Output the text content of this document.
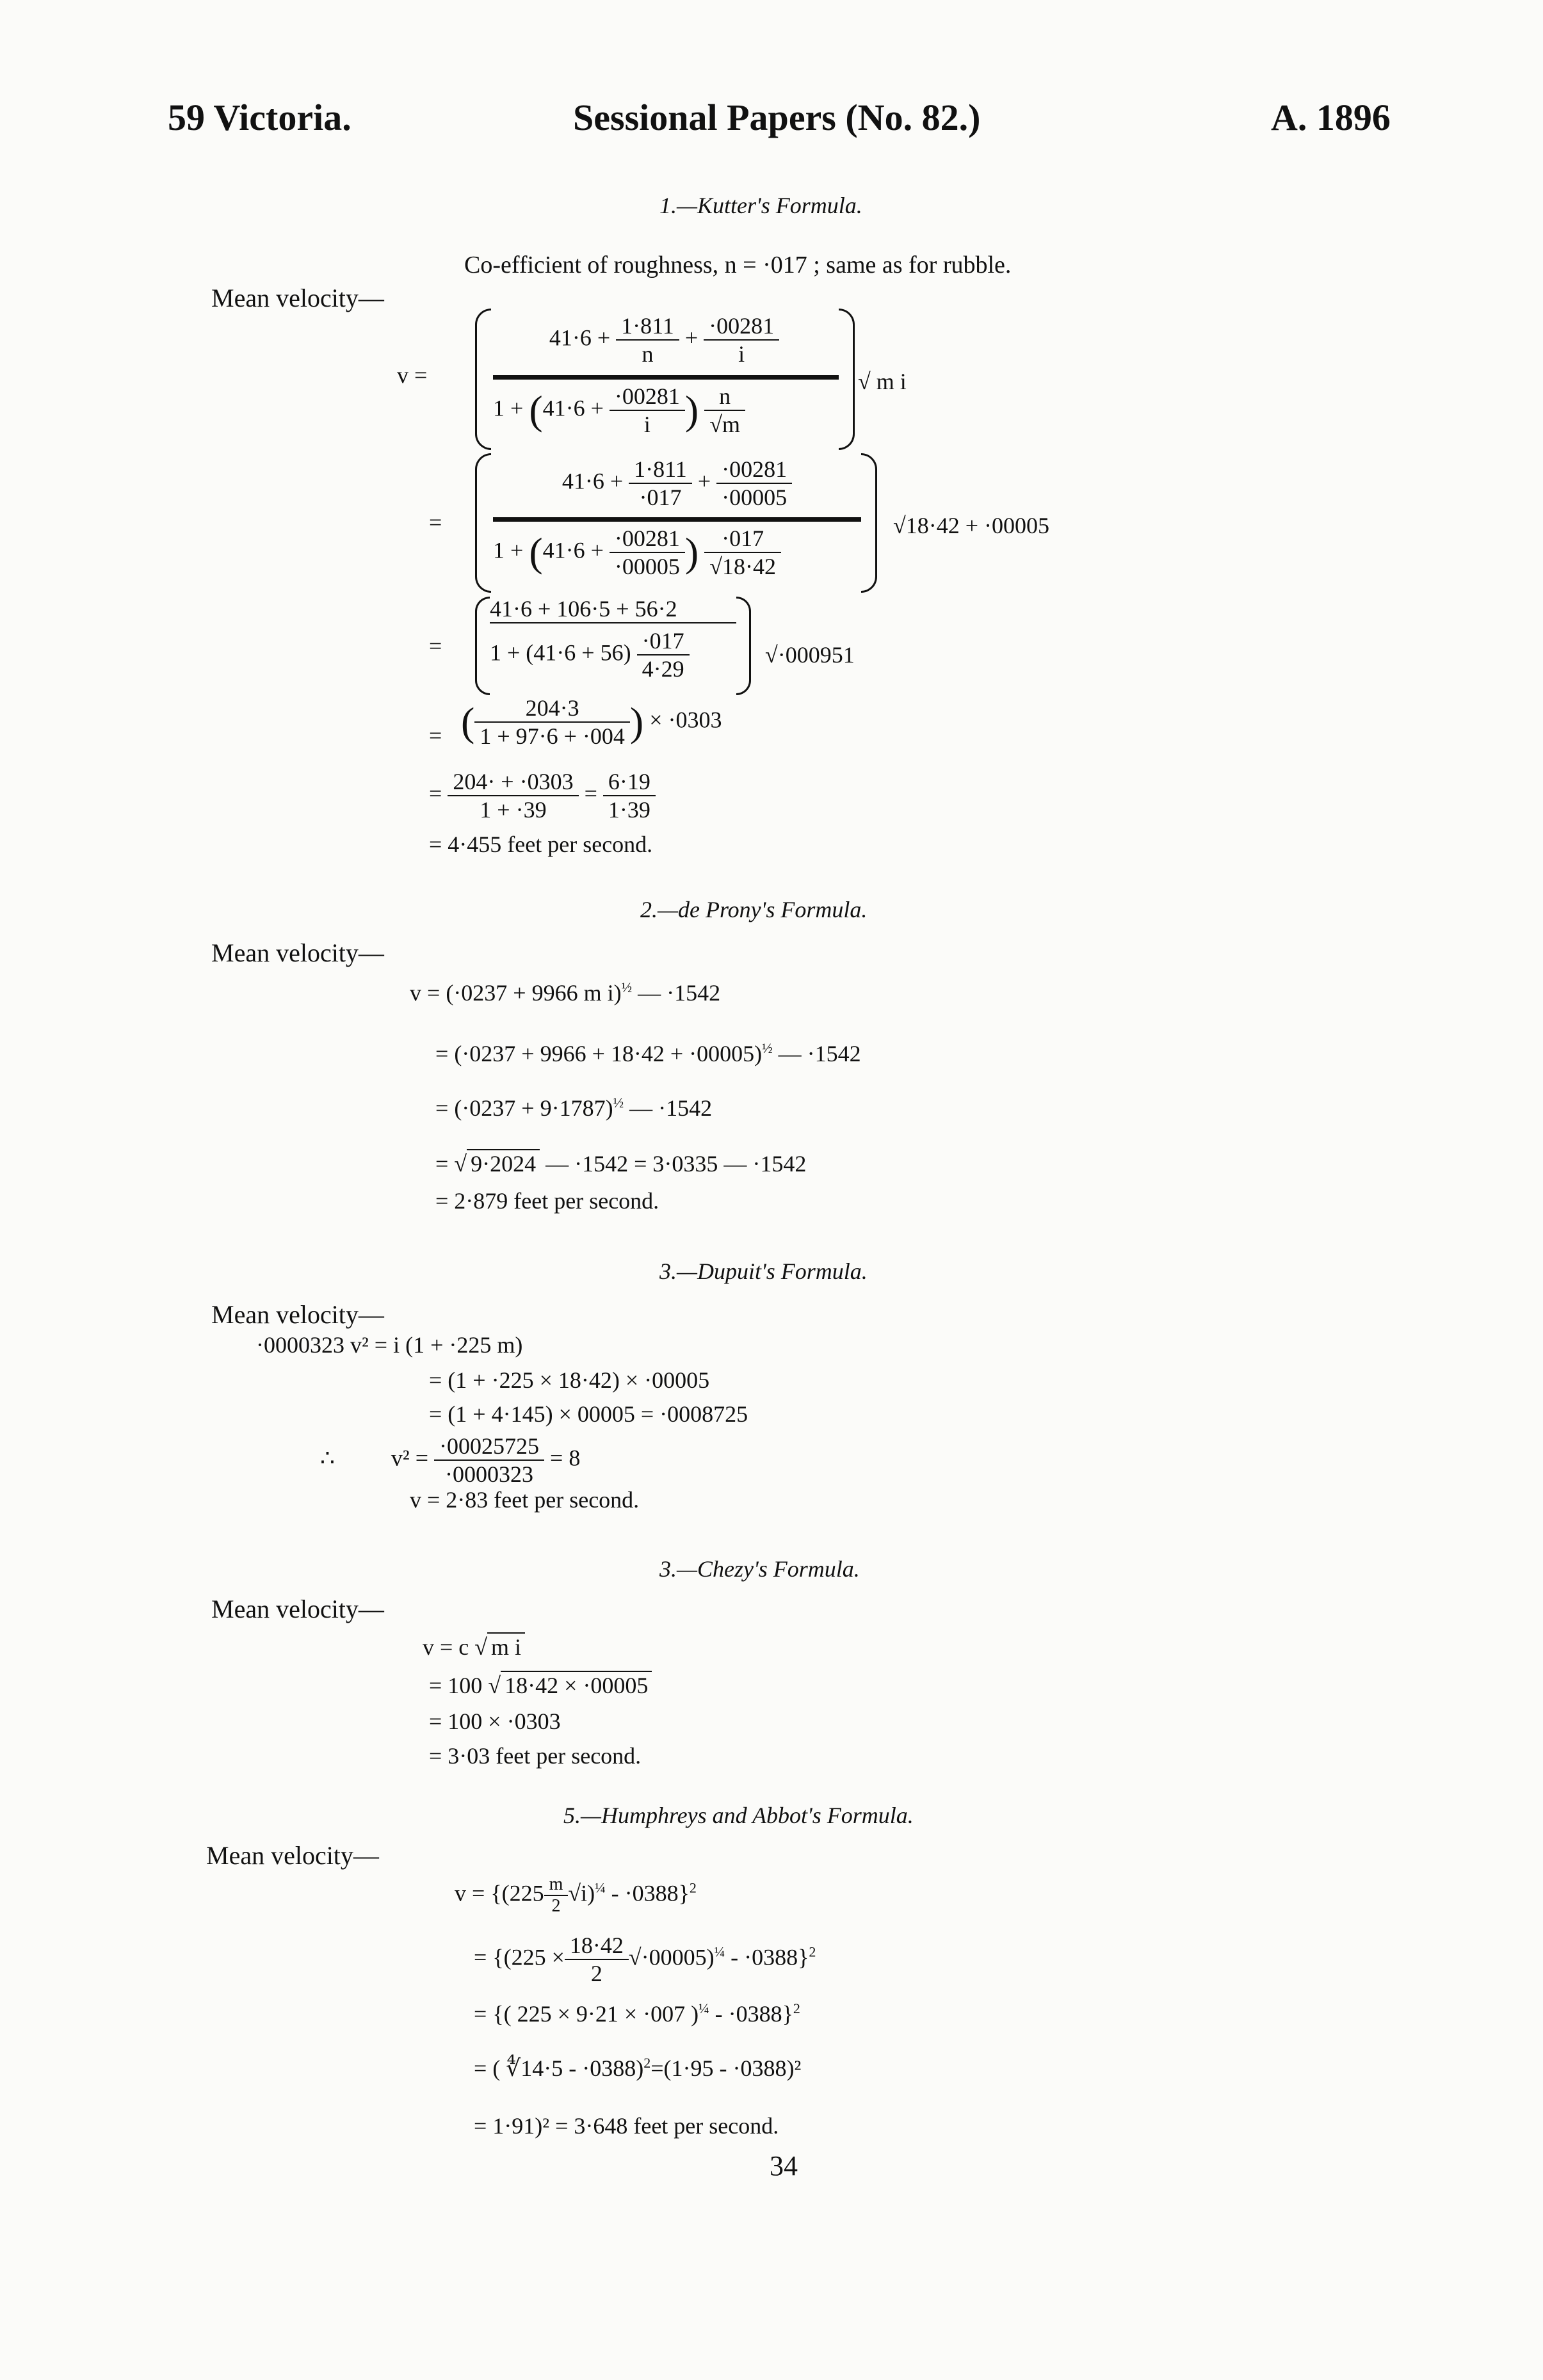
59 Victoria.	Sessional Papers (No. 82.)	A. 1896
1.—Kutter's Formula.
Co-efficient of roughness, n = ·017 ; same as for rubble.
Mean velocity—
v =
$41\cdot 6 + \frac{1\cdot 811}{n} + \frac{\cdot 00281}{i}$
$1 + (41\cdot 6 + \frac{\cdot 00281}{i}$ ) $\frac{n}{√m}$
√ m i
=
$41\cdot 6 + \frac{1\cdot 811}{\cdot 017} + \frac{\cdot 00281}{\cdot 00005}$
$1 + (41\cdot 6 + \frac{\cdot 00281}{\cdot 00005}$ ) $\frac{\cdot 017}{√18\cdot 42}$	√18·42 + ·00005
=
41·6 + 106·5 + 56·2
$1 + (41\cdot 6 + 56) \frac{\cdot 017}{4\cdot 29}$	√·000951
= ( $\frac{204\cdot 3}{1 + 97\cdot 6 + \cdot 004}$ ) × ·0303
= $\frac{204\cdot + \cdot 0303}{1 + \cdot 39} = \frac{6\cdot 19}{1\cdot 39}$
= 4·455 feet per second.
2.—de Prony's Formula.
Mean velocity—
v = (·0237 + 9966 m i)$^{\frac{1}{2}}$ — ·1542
= $(\cdot 0237 + 9966 + 18\cdot 42 + \cdot 00005)^{\frac{1}{2}}$ — ·1542
= $(\cdot 0237 + 9\cdot 1787)^{\frac{1}{2}}$ — ·1542
= √ 9·2024 — ·1542 = 3·0335 — ·1542
= 2·879 feet per second.
3.—Dupuit's Formula.
Mean velocity—
·0000323 v² = i (1 + ·225 m)
= (1 + ·225 × 18·42) × ·00005
= (1 + 4·145) × 00005 = ·0008725
∴ $v^2 = \frac{\cdot 00025725}{\cdot 0000323} = 8$
v = 2·83 feet per second.
3.—Chezy's Formula.
Mean velocity—
v = c √ m i
= 100 √ 18·42 × ·00005
= 100 × ·0303
= 3·03 feet per second.
5.—Humphreys and Abbot's Formula.
Mean velocity—
$v = \{(225 \frac{m}{2} √i)^{\frac{1}{4}} - \cdot 0388\}^2$
= $\{(225 \times \frac{18\cdot 42}{2} √\cdot 00005)^{\frac{1}{4}} - \cdot 0388\}^2$
= {( 225 × 9·21 × ·007 )$^{\frac{1}{4}}$ - ·0388}$^2$
= ( ∜14·5 - ·0388)$^2$=(1·95 - ·0388)²
= 1·91)² = 3·648 feet per second.
34
